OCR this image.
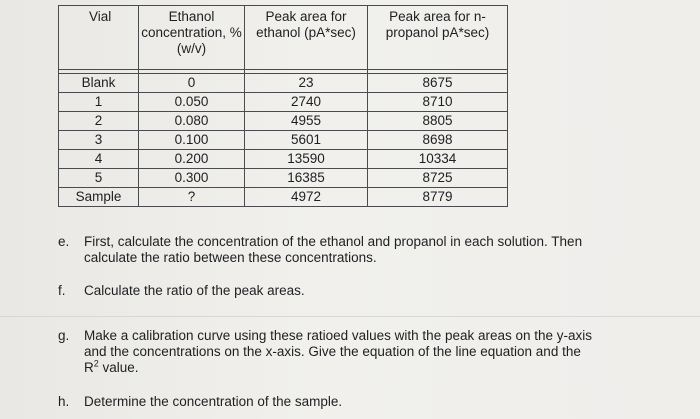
Vial	Ethanol concentration, % (w/v)	Peak area for ethanol (pA*sec)	Peak area for n-propanol pA*sec)

Blank	0	23	8675
1	0.050	2740	8710
2	0.080	4955	8805
3	0.100	5601	8698
4	0.200	13590	10334
5	0.300	16385	8725
Sample	?	4972	8779
e. First, calculate the concentration of the ethanol and propanol in each solution. Then
calculate the ratio between these concentrations.
f. Calculate the ratio of the peak areas.
g. Make a calibration curve using these ratioed values with the peak areas on the y-axis
and the concentrations on the x-axis. Give the equation of the line equation and the
$R^2$ value.
h. Determine the concentration of the sample.
